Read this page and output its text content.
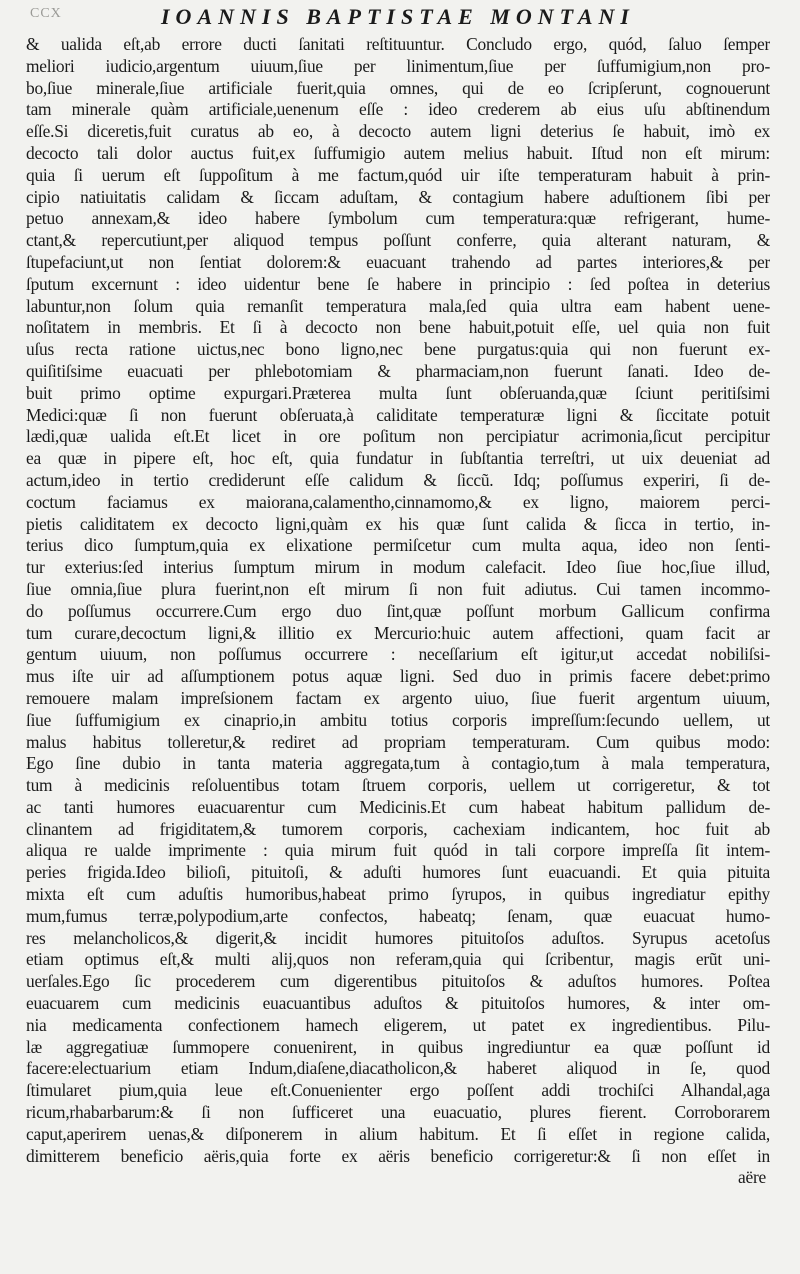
CCX	IOANNIS BAPTISTAE MONTANI
& ualida eſt,ab errore ducti ſanitati reſtituuntur. Concludo ergo, quód, ſaluo ſemper
meliori iudicio,argentum uiuum,ſiue per linimentum,ſiue per ſuffumigium,non pro-
bo,ſiue minerale,ſiue artificiale fuerit,quia omnes, qui de eo ſcripſerunt, cognouerunt
tam minerale quàm artificiale,uenenum eſſe : ideo crederem ab eius uſu abſtinendum
eſſe.Si diceretis,fuit curatus ab eo, à decocto autem ligni deterius ſe habuit, imò ex
decocto tali dolor auctus fuit,ex ſuffumigio autem melius habuit. Iſtud non eſt mirum:
quia ſi uerum eſt ſuppoſitum à me factum,quód uir iſte temperaturam habuit à prin-
cipio natiuitatis calidam & ſiccam aduſtam, & contagium habere aduſtionem ſibi per
petuo annexam,& ideo habere ſymbolum cum temperatura:quæ refrigerant, hume-
ctant,& repercutiunt,per aliquod tempus poſſunt conferre, quia alterant naturam, &
ſtupefaciunt,ut non ſentiat dolorem:& euacuant trahendo ad partes interiores,& per
ſputum excernunt : ideo uidentur bene ſe habere in principio : ſed poſtea in deterius
labuntur,non ſolum quia remanſit temperatura mala,ſed quia ultra eam habent uene-
noſitatem in membris. Et ſi à decocto non bene habuit,potuit eſſe, uel quia non fuit
uſus recta ratione uictus,nec bono ligno,nec bene purgatus:quia qui non fuerunt ex-
quiſitiſsime euacuati per phlebotomiam & pharmaciam,non fuerunt ſanati. Ideo de-
buit primo optime expurgari.Præterea multa ſunt obſeruanda,quæ ſciunt peritiſsimi
Medici:quæ ſi non fuerunt obſeruata,à caliditate temperaturæ ligni & ſiccitate potuit
lædi,quæ ualida eſt.Et licet in ore poſitum non percipiatur acrimonia,ſicut percipitur
ea quæ in pipere eſt, hoc eſt, quia fundatur in ſubſtantia terreſtri, ut uix deueniat ad
actum,ideo in tertio crediderunt eſſe calidum & ſiccũ. Idq; poſſumus experiri, ſi de-
coctum faciamus ex maiorana,calamentho,cinnamomo,& ex ligno, maiorem perci-
pietis caliditatem ex decocto ligni,quàm ex his quæ ſunt calida & ſicca in tertio, in-
terius dico ſumptum,quia ex elixatione permiſcetur cum multa aqua, ideo non ſenti-
tur exterius:ſed interius ſumptum mirum in modum calefacit. Ideo ſiue hoc,ſiue illud,
ſiue omnia,ſiue plura fuerint,non eſt mirum ſi non fuit adiutus. Cui tamen incommo-
do poſſumus occurrere.Cum ergo duo ſint,quæ poſſunt morbum Gallicum confirma
tum curare,decoctum ligni,& illitio ex Mercurio:huic autem affectioni, quam facit ar
gentum uiuum, non poſſumus occurrere : neceſſarium eſt igitur,ut accedat nobiliſsi-
mus iſte uir ad aſſumptionem potus aquæ ligni. Sed duo in primis facere debet:primo
remouere malam impreſsionem factam ex argento uiuo, ſiue fuerit argentum uiuum,
ſiue ſuffumigium ex cinaprio,in ambitu totius corporis impreſſum:ſecundo uellem, ut
malus habitus tolleretur,& rediret ad propriam temperaturam. Cum quibus modo:
Ego ſine dubio in tanta materia aggregata,tum à contagio,tum à mala temperatura,
tum à medicinis reſoluentibus totam ſtruem corporis, uellem ut corrigeretur, & tot
ac tanti humores euacuarentur cum Medicinis.Et cum habeat habitum pallidum de-
clinantem ad frigiditatem,& tumorem corporis, cachexiam indicantem, hoc fuit ab
aliqua re ualde imprimente : quia mirum fuit quód in tali corpore impreſſa ſit intem-
peries frigida.Ideo bilioſi, pituitoſi, & aduſti humores ſunt euacuandi. Et quia pituita
mixta eſt cum aduſtis humoribus,habeat primo ſyrupos, in quibus ingrediatur epithy
mum,fumus terræ,polypodium,arte confectos, habeatq; ſenam, quæ euacuat humo-
res melancholicos,& digerit,& incidit humores pituitoſos aduſtos. Syrupus acetoſus
etiam optimus eſt,& multi alij,quos non referam,quia qui ſcribentur, magis erũt uni-
uerſales.Ego ſic procederem cum digerentibus pituitoſos & aduſtos humores. Poſtea
euacuarem cum medicinis euacuantibus aduſtos & pituitoſos humores, & inter om-
nia medicamenta confectionem hamech eligerem, ut patet ex ingredientibus. Pilu-
læ aggregatiuæ ſummopere conuenirent, in quibus ingrediuntur ea quæ poſſunt id
facere:electuarium etiam Indum,diaſene,diacatholicon,& haberet aliquod in ſe, quod
ſtimularet pium,quia leue eſt.Conuenienter ergo poſſent addi trochiſci Alhandal,aga
ricum,rhabarbarum:& ſi non ſufficeret una euacuatio, plures fierent. Corroborarem
caput,aperirem uenas,& diſponerem in alium habitum. Et ſi eſſet in regione calida,
dimitterem beneficio aëris,quia forte ex aëris beneficio corrigeretur:& ſi non eſſet in
aëre
